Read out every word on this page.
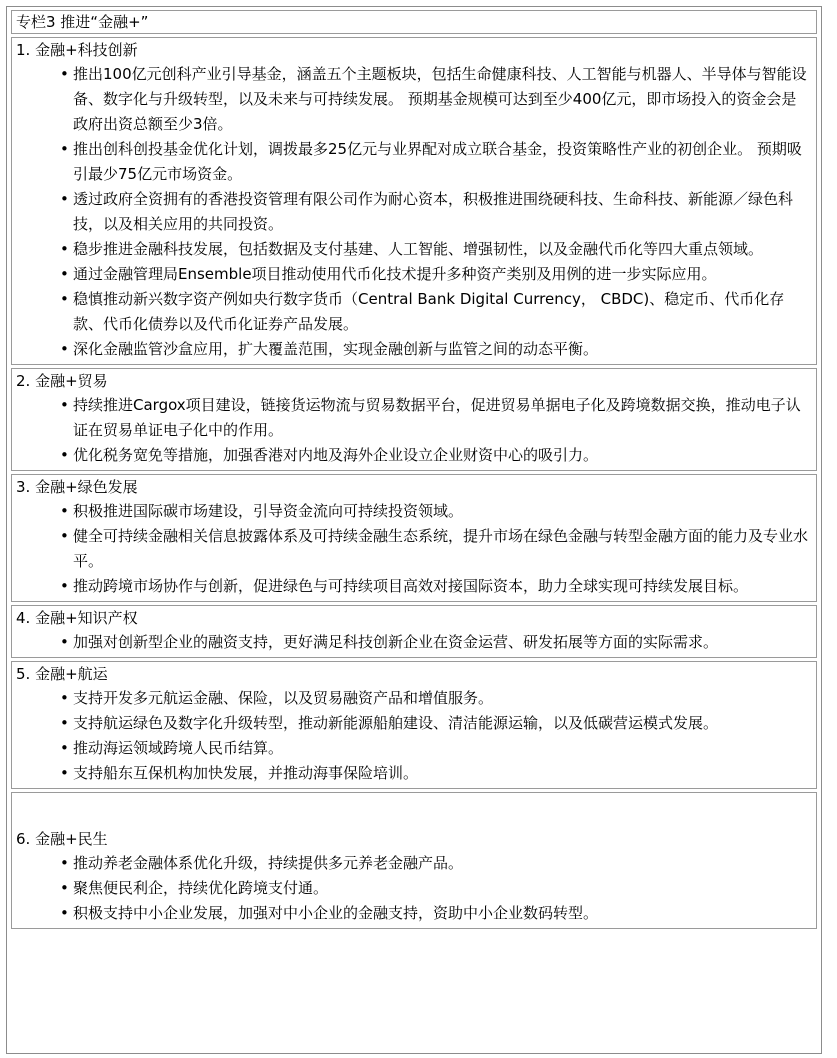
专栏3 推进“金融+”
1. 金融+科技创新
• 推出100亿元创科产业引导基金，涵盖五个主题板块，包括生命健康科技、人工智能与机器人、半导体与智能设备、数字化与升级转型，以及未来与可持续发展。 预期基金规模可达到至少400亿元，即市场投入的资金会是政府出资总额至少3倍。
• 推出创科创投基金优化计划，调拨最多25亿元与业界配对成立联合基金，投资策略性产业的初创企业。 预期吸引最少75亿元市场资金。
• 透过政府全资拥有的香港投资管理有限公司作为耐心资本，积极推进围绕硬科技、生命科技、新能源／绿色科技，以及相关应用的共同投资。
• 稳步推进金融科技发展，包括数据及支付基建、人工智能、增强韧性，以及金融代币化等四大重点领域。
• 通过金融管理局Ensemble项目推动使用代币化技术提升多种资产类别及用例的进一步实际应用。
• 稳慎推动新兴数字资产例如央行数字货币（Central Bank Digital Currency， CBDC)、稳定币、代币化存款、代币化债券以及代币化证券产品发展。
• 深化金融监管沙盒应用，扩大覆盖范围，实现金融创新与监管之间的动态平衡。
2. 金融+贸易
• 持续推进Cargox项目建设，链接货运物流与贸易数据平台，促进贸易单据电子化及跨境数据交换，推动电子认证在贸易单证电子化中的作用。
• 优化税务宽免等措施，加强香港对内地及海外企业设立企业财资中心的吸引力。
3. 金融+绿色发展
• 积极推进国际碳市场建设，引导资金流向可持续投资领域。
• 健全可持续金融相关信息披露体系及可持续金融生态系统，提升市场在绿色金融与转型金融方面的能力及专业水平。
• 推动跨境市场协作与创新，促进绿色与可持续项目高效对接国际资本，助力全球实现可持续发展目标。
4. 金融+知识产权
• 加强对创新型企业的融资支持，更好满足科技创新企业在资金运营、研发拓展等方面的实际需求。
5. 金融+航运
• 支持开发多元航运金融、保险，以及贸易融资产品和增值服务。
• 支持航运绿色及数字化升级转型，推动新能源船舶建设、清洁能源运输，以及低碳营运模式发展。
• 推动海运领域跨境人民币结算。
• 支持船东互保机构加快发展，并推动海事保险培训。
6. 金融+民生
• 推动养老金融体系优化升级，持续提供多元养老金融产品。
• 聚焦便民利企，持续优化跨境支付通。
• 积极支持中小企业发展，加强对中小企业的金融支持，资助中小企业数码转型。
